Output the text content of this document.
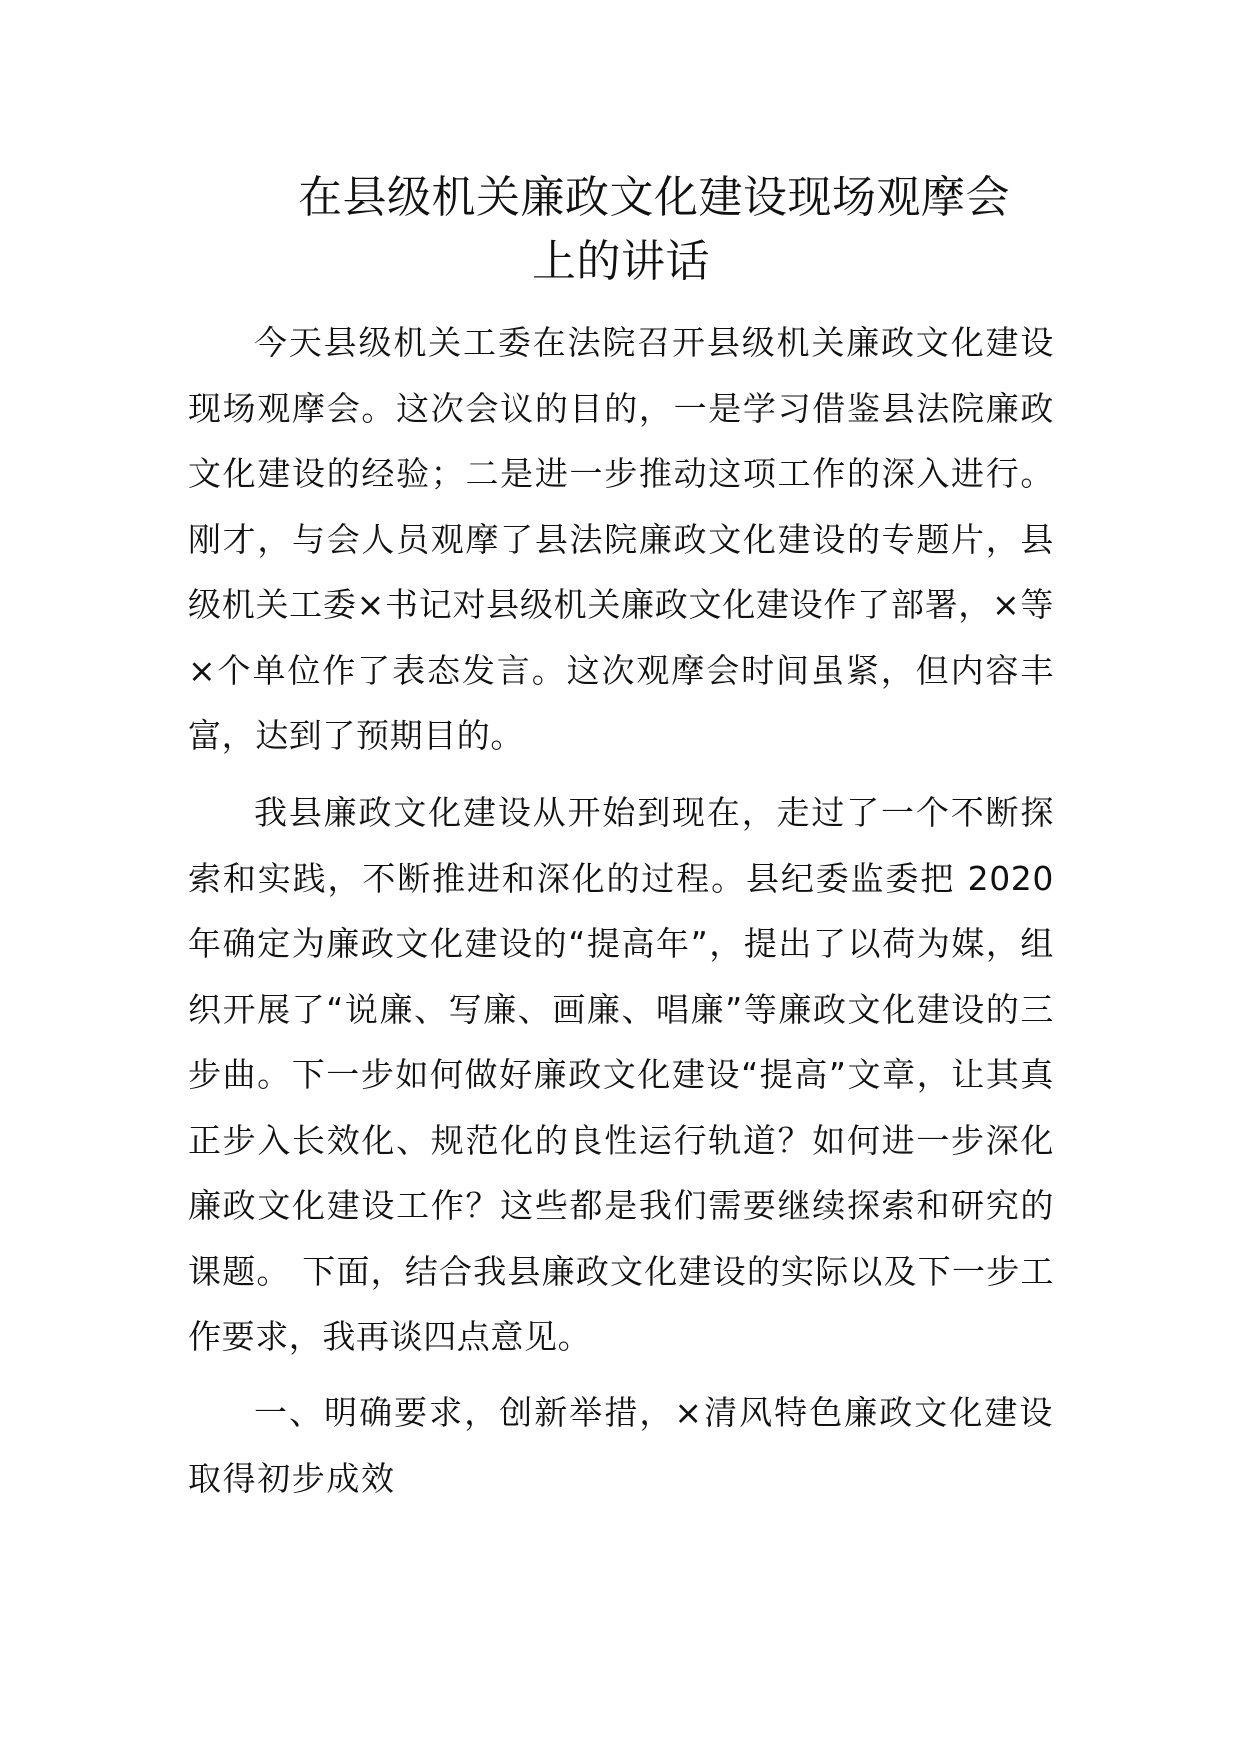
在县级机关廉政文化建设现场观摩会
上的讲话

今天县级机关工委在法院召开县级机关廉政文化建设现场观摩会。这次会议的目的，一是学习借鉴县法院廉政文化建设的经验；二是进一步推动这项工作的深入进行。刚才，与会人员观摩了县法院廉政文化建设的专题片，县级机关工委×书记对县级机关廉政文化建设作了部署，×等×个单位作了表态发言。这次观摩会时间虽紧，但内容丰富，达到了预期目的。

我县廉政文化建设从开始到现在，走过了一个不断探索和实践，不断推进和深化的过程。县纪委监委把 2020 年确定为廉政文化建设的“提高年”，提出了以荷为媒，组织开展了“说廉、写廉、画廉、唱廉”等廉政文化建设的三步曲。下一步如何做好廉政文化建设“提高”文章，让其真正步入长效化、规范化的良性运行轨道？如何进一步深化廉政文化建设工作？这些都是我们需要继续探索和研究的课题。 下面，结合我县廉政文化建设的实际以及下一步工作要求，我再谈四点意见。

一、明确要求，创新举措，×清风特色廉政文化建设取得初步成效
